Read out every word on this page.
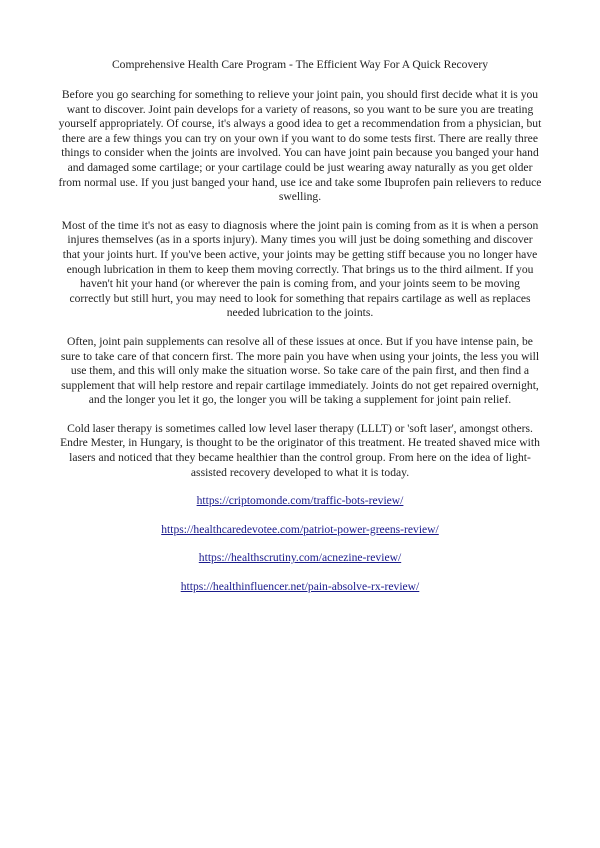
Comprehensive Health Care Program - The Efficient Way For A Quick Recovery

Before you go searching for something to relieve your joint pain, you should first decide what it is you want to discover. Joint pain develops for a variety of reasons, so you want to be sure you are treating yourself appropriately. Of course, it's always a good idea to get a recommendation from a physician, but there are a few things you can try on your own if you want to do some tests first. There are really three things to consider when the joints are involved. You can have joint pain because you banged your hand and damaged some cartilage; or your cartilage could be just wearing away naturally as you get older from normal use. If you just banged your hand, use ice and take some Ibuprofen pain relievers to reduce swelling.

Most of the time it's not as easy to diagnosis where the joint pain is coming from as it is when a person injures themselves (as in a sports injury). Many times you will just be doing something and discover that your joints hurt. If you've been active, your joints may be getting stiff because you no longer have enough lubrication in them to keep them moving correctly. That brings us to the third ailment. If you haven't hit your hand (or wherever the pain is coming from, and your joints seem to be moving correctly but still hurt, you may need to look for something that repairs cartilage as well as replaces needed lubrication to the joints.

Often, joint pain supplements can resolve all of these issues at once. But if you have intense pain, be sure to take care of that concern first. The more pain you have when using your joints, the less you will use them, and this will only make the situation worse. So take care of the pain first, and then find a supplement that will help restore and repair cartilage immediately. Joints do not get repaired overnight, and the longer you let it go, the longer you will be taking a supplement for joint pain relief.

Cold laser therapy is sometimes called low level laser therapy (LLLT) or 'soft laser', amongst others. Endre Mester, in Hungary, is thought to be the originator of this treatment. He treated shaved mice with lasers and noticed that they became healthier than the control group. From here on the idea of light-assisted recovery developed to what it is today.

https://criptomonde.com/traffic-bots-review/
https://healthcaredevotee.com/patriot-power-greens-review/
https://healthscrutiny.com/acnezine-review/
https://healthinfluencer.net/pain-absolve-rx-review/
